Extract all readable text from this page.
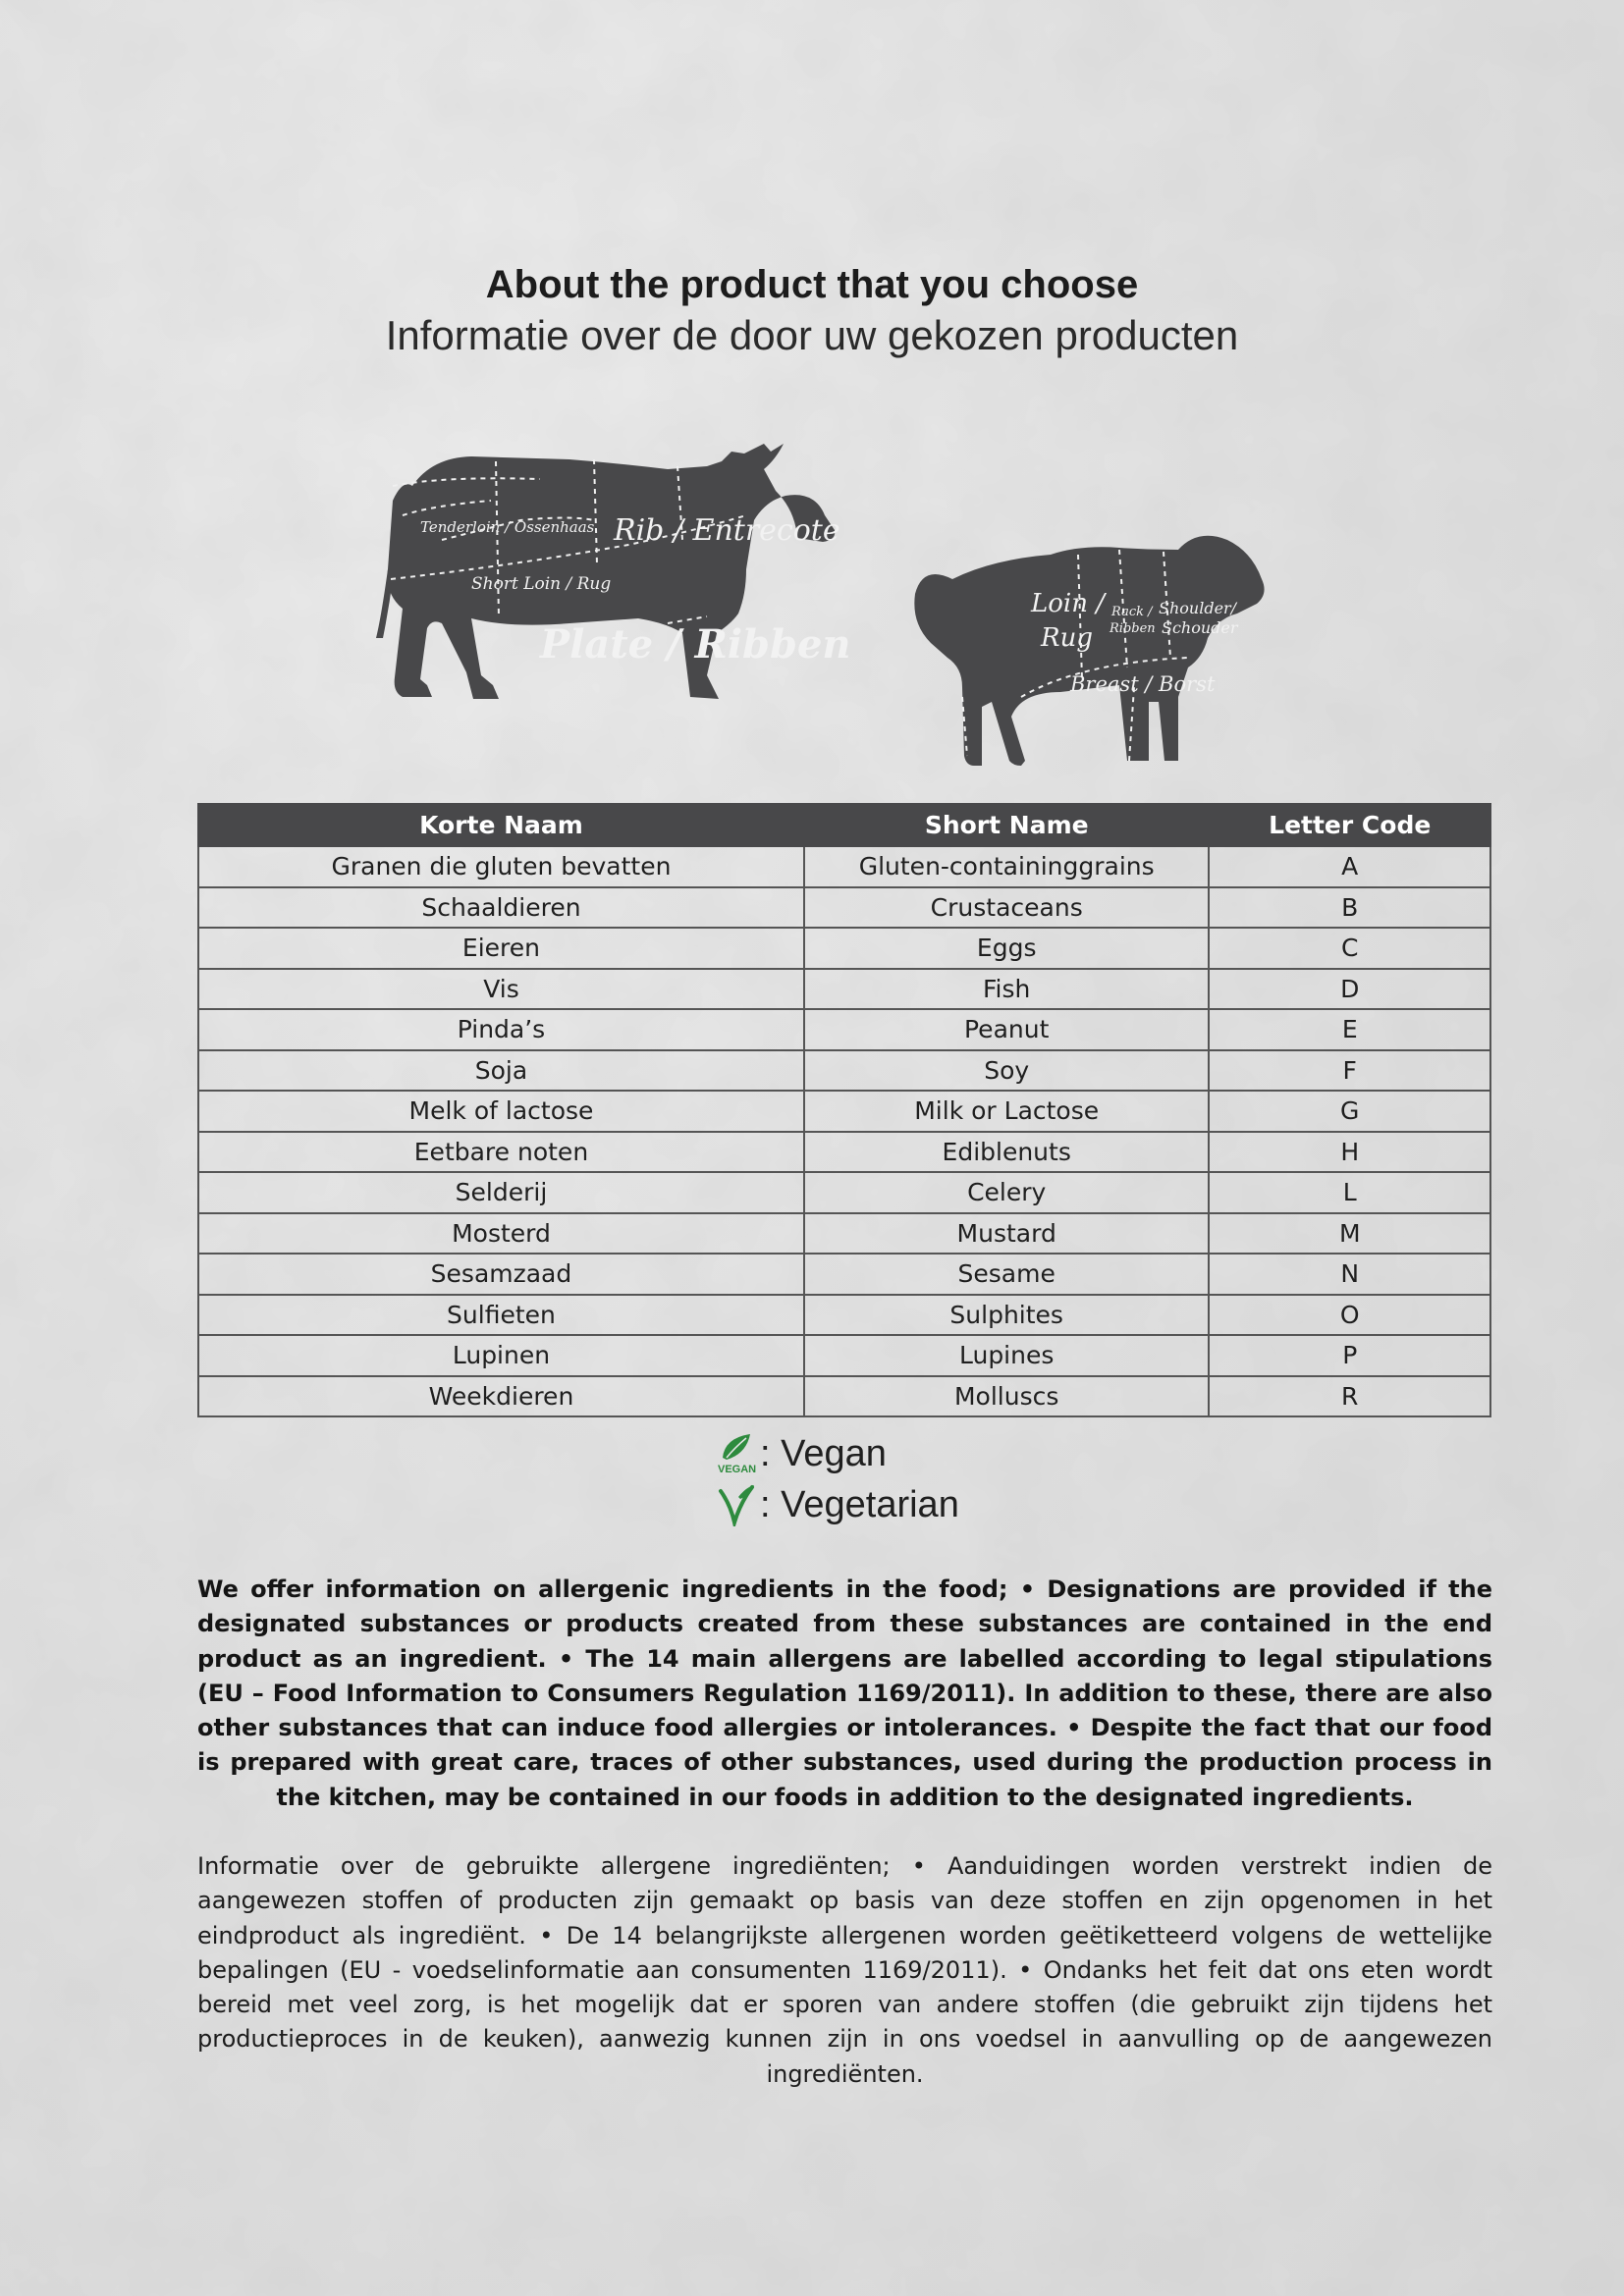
About the product that you choose
Informatie over de door uw gekozen producten
Tenderloin / Ossenhaas Rib / Entrecote
Short Loin / Rug
Plate / Ribben
Loin /
Rug
Rack /
Ribben
Shoulder/
Schouder
Breast / Borst
Korte Naam	Short Name	Letter Code
Granen die gluten bevatten	Gluten-containinggrains	A
Schaaldieren	Crustaceans	B
Eieren	Eggs	C
Vis	Fish	D
Pinda’s	Peanut	E
Soja	Soy	F
Melk of lactose	Milk or Lactose	G
Eetbare noten	Ediblenuts	H
Selderij	Celery	L
Mosterd	Mustard	M
Sesamzaad	Sesame	N
Sulfieten	Sulphites	O
Lupinen	Lupines	P
Weekdieren	Molluscs	R
VEGAN : Vegan
: Vegetarian

We offer information on allergenic ingredients in the food; • Designations are provided if the designated substances or products created from these substances are contained in the end product as an ingredient. • The 14 main allergens are labelled according to legal stipulations (EU – Food Information to Consumers Regulation 1169/2011). In addition to these, there are also other substances that can induce food allergies or intolerances. • Despite the fact that our food is prepared with great care, traces of other substances, used during the production process in the kitchen, may be contained in our foods in addition to the designated ingredients.

Informatie over de gebruikte allergene ingrediënten; • Aanduidingen worden verstrekt indien de aangewezen stoffen of producten zijn gemaakt op basis van deze stoffen en zijn opgenomen in het eindproduct als ingrediënt. • De 14 belangrijkste allergenen worden geëtiketteerd volgens de wettelijke bepalingen (EU - voedselinformatie aan consumenten 1169/2011). • Ondanks het feit dat ons eten wordt bereid met veel zorg, is het mogelijk dat er sporen van andere stoffen (die gebruikt zijn tijdens het productieproces in de keuken), aanwezig kunnen zijn in ons voedsel in aanvulling op de aangewezen ingrediënten.
